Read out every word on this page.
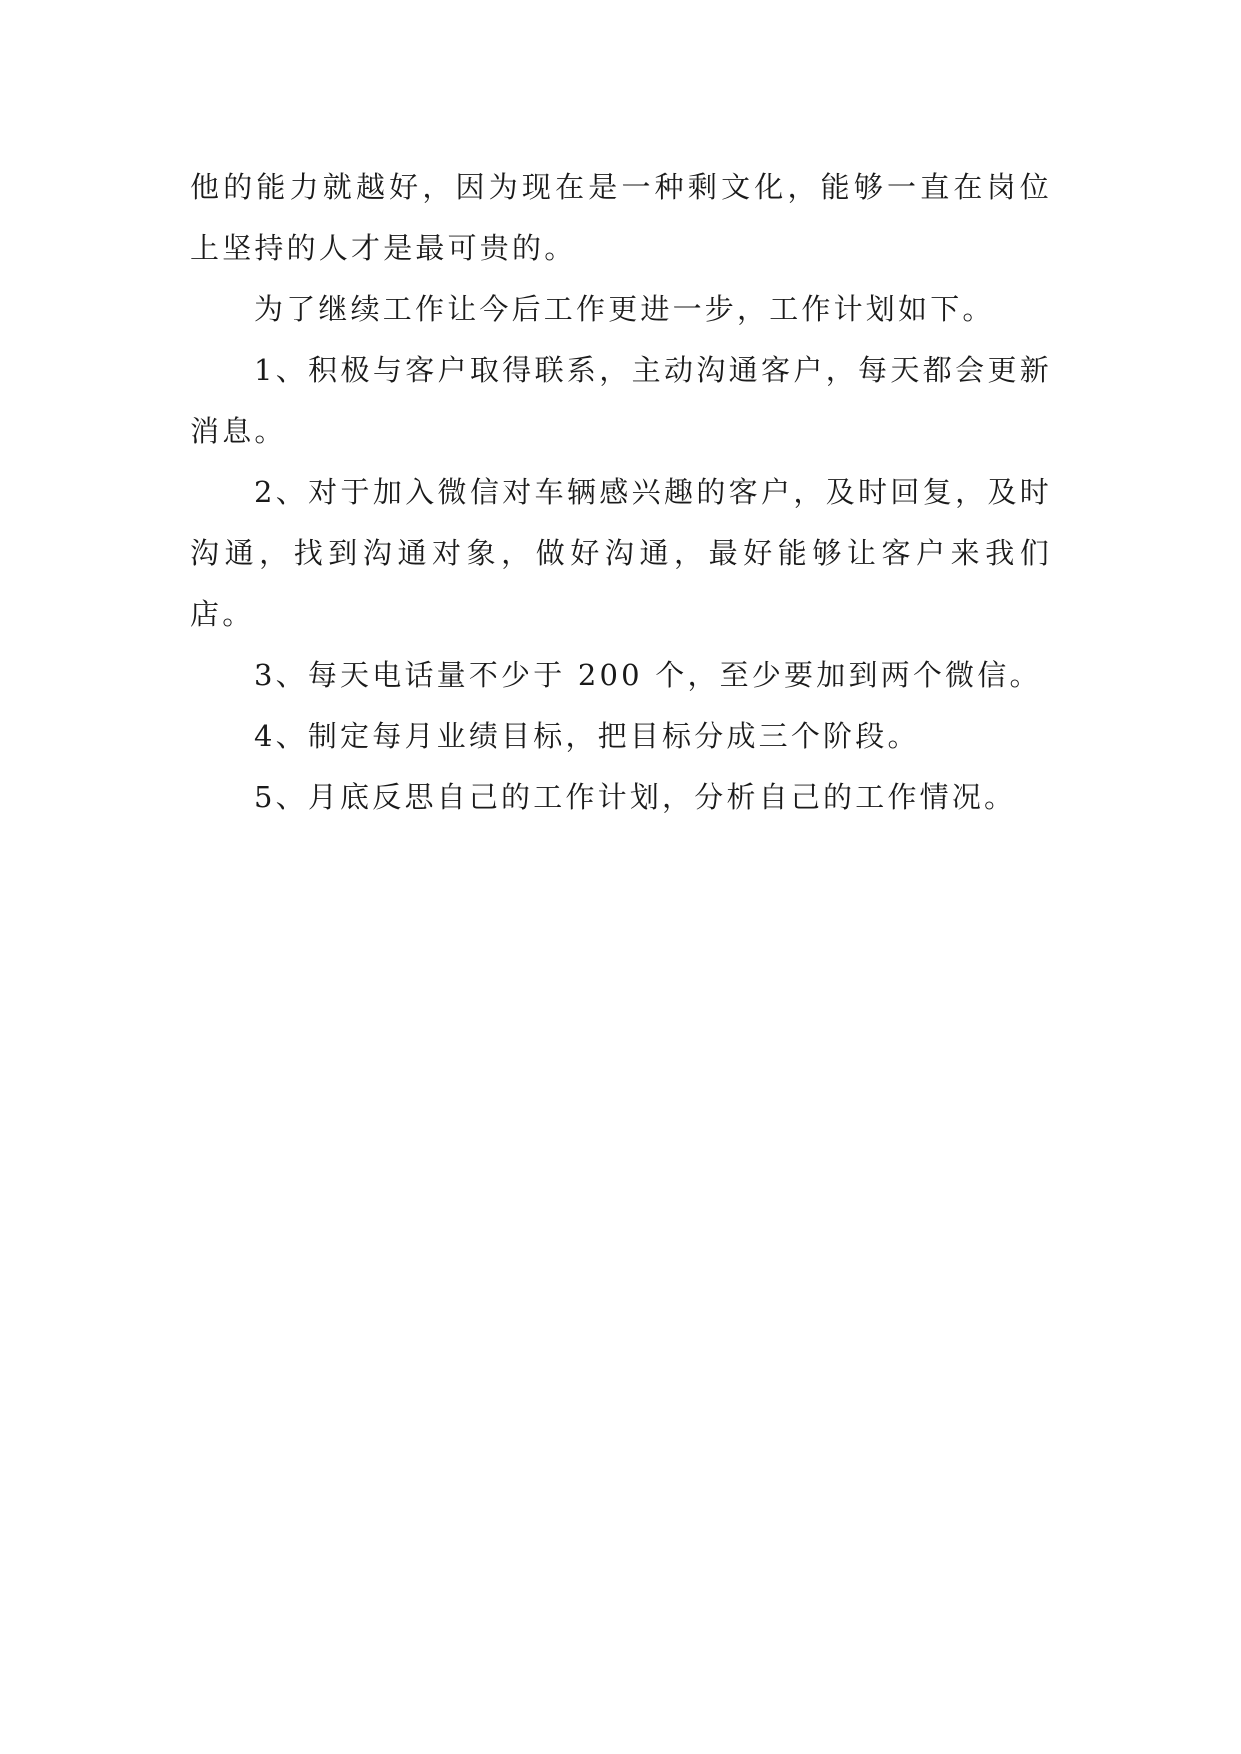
他的能力就越好，因为现在是一种剩文化，能够一直在岗位上坚持的人才是最可贵的。

为了继续工作让今后工作更进一步，工作计划如下。

1、积极与客户取得联系，主动沟通客户，每天都会更新消息。

2、对于加入微信对车辆感兴趣的客户，及时回复，及时沟通，找到沟通对象，做好沟通，最好能够让客户来我们店。

3、每天电话量不少于 200 个，至少要加到两个微信。

4、制定每月业绩目标，把目标分成三个阶段。

5、月底反思自己的工作计划，分析自己的工作情况。
